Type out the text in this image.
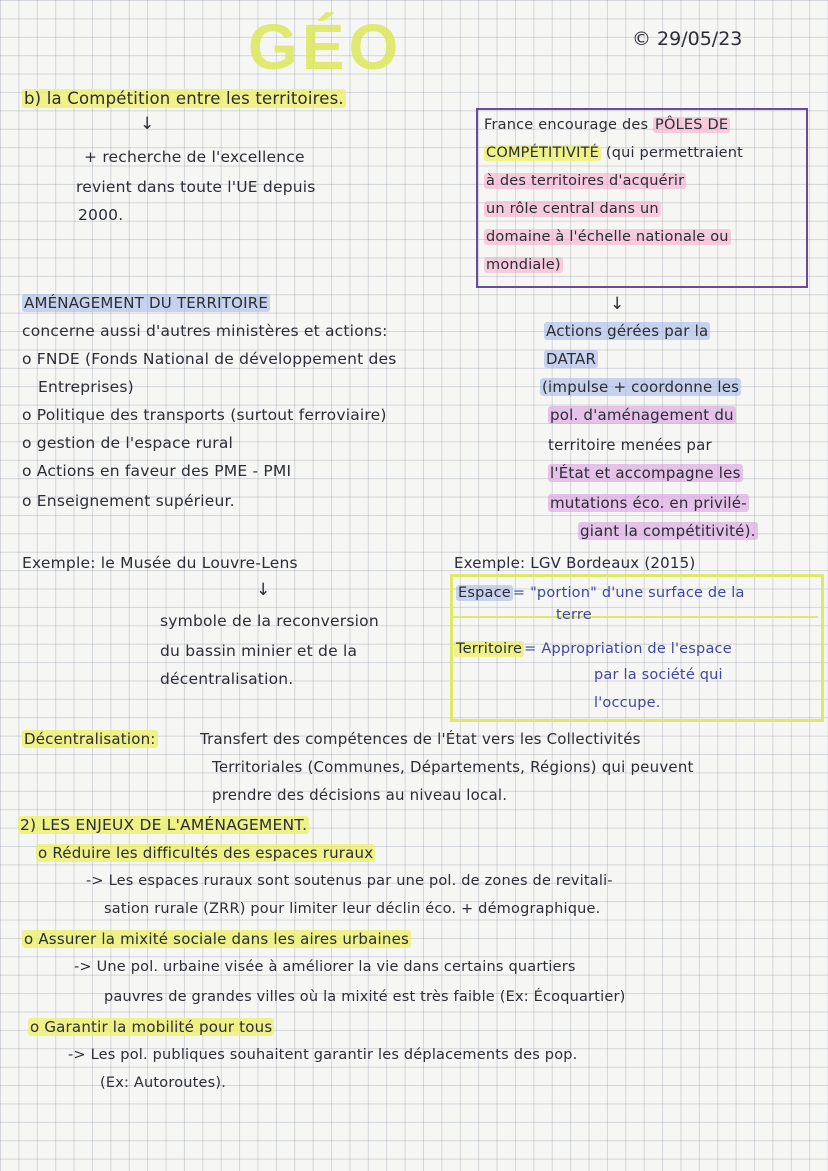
GÉO	© 29/05/23
b) la Compétition entre les territoires.
↓
+ recherche de l'excellence
revient dans toute l'UE depuis
2000.
France encourage des PÔLES DE
COMPÉTITIVITÉ (qui permettraient
à des territoires d'acquérir
un rôle central dans un
domaine à l'échelle nationale ou
mondiale)
AMÉNAGEMENT DU TERRITOIRE
concerne aussi d'autres ministères et actions:
o FNDE (Fonds National de développement des
Entreprises)
o Politique des transports (surtout ferroviaire)
o gestion de l'espace rural
o Actions en faveur des PME - PMI
o Enseignement supérieur.
↓
Actions gérées par la
DATAR
(impulse + coordonne les
pol. d'aménagement du
territoire menées par
l'État et accompagne les
mutations éco. en privilé-
giant la compétitivité).
Exemple: le Musée du Louvre-Lens
↓
symbole de la reconversion
du bassin minier et de la
décentralisation.
Exemple: LGV Bordeaux (2015)
Espace = "portion" d'une surface de la
terre
Territoire = Appropriation de l'espace
par la société qui
l'occupe.
Décentralisation:	Transfert des compétences de l'État vers les Collectivités
Territoriales (Communes, Départements, Régions) qui peuvent
prendre des décisions au niveau local.
2) LES ENJEUX DE L'AMÉNAGEMENT.
o Réduire les difficultés des espaces ruraux
-> Les espaces ruraux sont soutenus par une pol. de zones de revitali-
sation rurale (ZRR) pour limiter leur déclin éco. + démographique.
o Assurer la mixité sociale dans les aires urbaines
-> Une pol. urbaine visée à améliorer la vie dans certains quartiers
pauvres de grandes villes où la mixité est très faible (Ex: Écoquartier)
o Garantir la mobilité pour tous
-> Les pol. publiques souhaitent garantir les déplacements des pop.
(Ex: Autoroutes).
